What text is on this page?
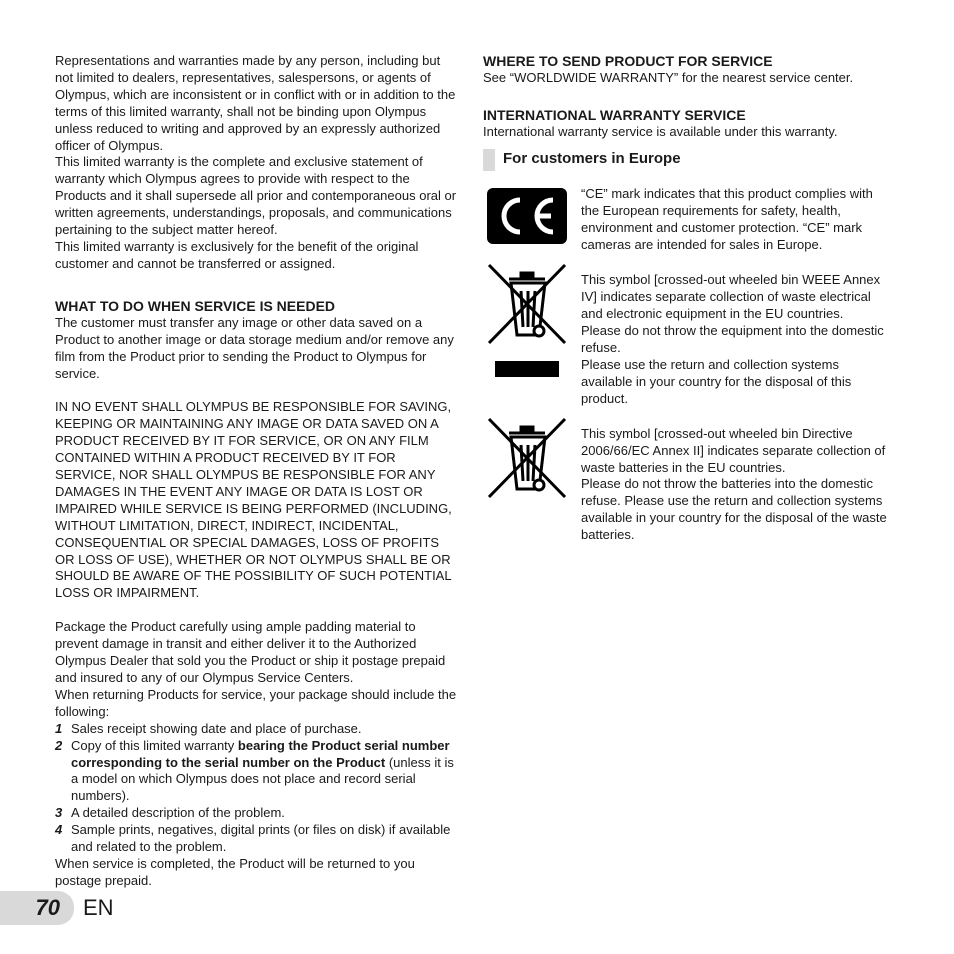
Representations and warranties made by any person, including but not limited to dealers, representatives, salespersons, or agents of Olympus, which are inconsistent or in conflict with or in addition to the terms of this limited warranty, shall not be binding upon Olympus unless reduced to writing and approved by an expressly authorized officer of Olympus.

This limited warranty is the complete and exclusive statement of warranty which Olympus agrees to provide with respect to the Products and it shall supersede all prior and contemporaneous oral or written agreements, understandings, proposals, and communications pertaining to the subject matter hereof.

This limited warranty is exclusively for the benefit of the original customer and cannot be transferred or assigned.

WHAT TO DO WHEN SERVICE IS NEEDED

The customer must transfer any image or other data saved on a Product to another image or data storage medium and/or remove any film from the Product prior to sending the Product to Olympus for service.

IN NO EVENT SHALL OLYMPUS BE RESPONSIBLE FOR SAVING, KEEPING OR MAINTAINING ANY IMAGE OR DATA SAVED ON A PRODUCT RECEIVED BY IT FOR SERVICE, OR ON ANY FILM CONTAINED WITHIN A PRODUCT RECEIVED BY IT FOR SERVICE, NOR SHALL OLYMPUS BE RESPONSIBLE FOR ANY DAMAGES IN THE EVENT ANY IMAGE OR DATA IS LOST OR IMPAIRED WHILE SERVICE IS BEING PERFORMED (INCLUDING, WITHOUT LIMITATION, DIRECT, INDIRECT, INCIDENTAL, CONSEQUENTIAL OR SPECIAL DAMAGES, LOSS OF PROFITS OR LOSS OF USE), WHETHER OR NOT OLYMPUS SHALL BE OR SHOULD BE AWARE OF THE POSSIBILITY OF SUCH POTENTIAL LOSS OR IMPAIRMENT.

Package the Product carefully using ample padding material to prevent damage in transit and either deliver it to the Authorized Olympus Dealer that sold you the Product or ship it postage prepaid and insured to any of our Olympus Service Centers.

When returning Products for service, your package should include the following:

1 Sales receipt showing date and place of purchase.
2 Copy of this limited warranty bearing the Product serial number corresponding to the serial number on the Product (unless it is a model on which Olympus does not place and record serial numbers).
3 A detailed description of the problem.
4 Sample prints, negatives, digital prints (or files on disk) if available and related to the problem.

When service is completed, the Product will be returned to you postage prepaid.

WHERE TO SEND PRODUCT FOR SERVICE

See “WORLDWIDE WARRANTY” for the nearest service center.

INTERNATIONAL WARRANTY SERVICE

International warranty service is available under this warranty.

For customers in Europe

“CE” mark indicates that this product complies with the European requirements for safety, health, environment and customer protection. “CE” mark cameras are intended for sales in Europe.

This symbol [crossed-out wheeled bin WEEE Annex IV] indicates separate collection of waste electrical and electronic equipment in the EU countries.

Please do not throw the equipment into the domestic refuse.

Please use the return and collection systems available in your country for the disposal of this product.

This symbol [crossed-out wheeled bin Directive 2006/66/EC Annex II] indicates separate collection of waste batteries in the EU countries.

Please do not throw the batteries into the domestic refuse. Please use the return and collection systems available in your country for the disposal of the waste batteries.

70 EN
